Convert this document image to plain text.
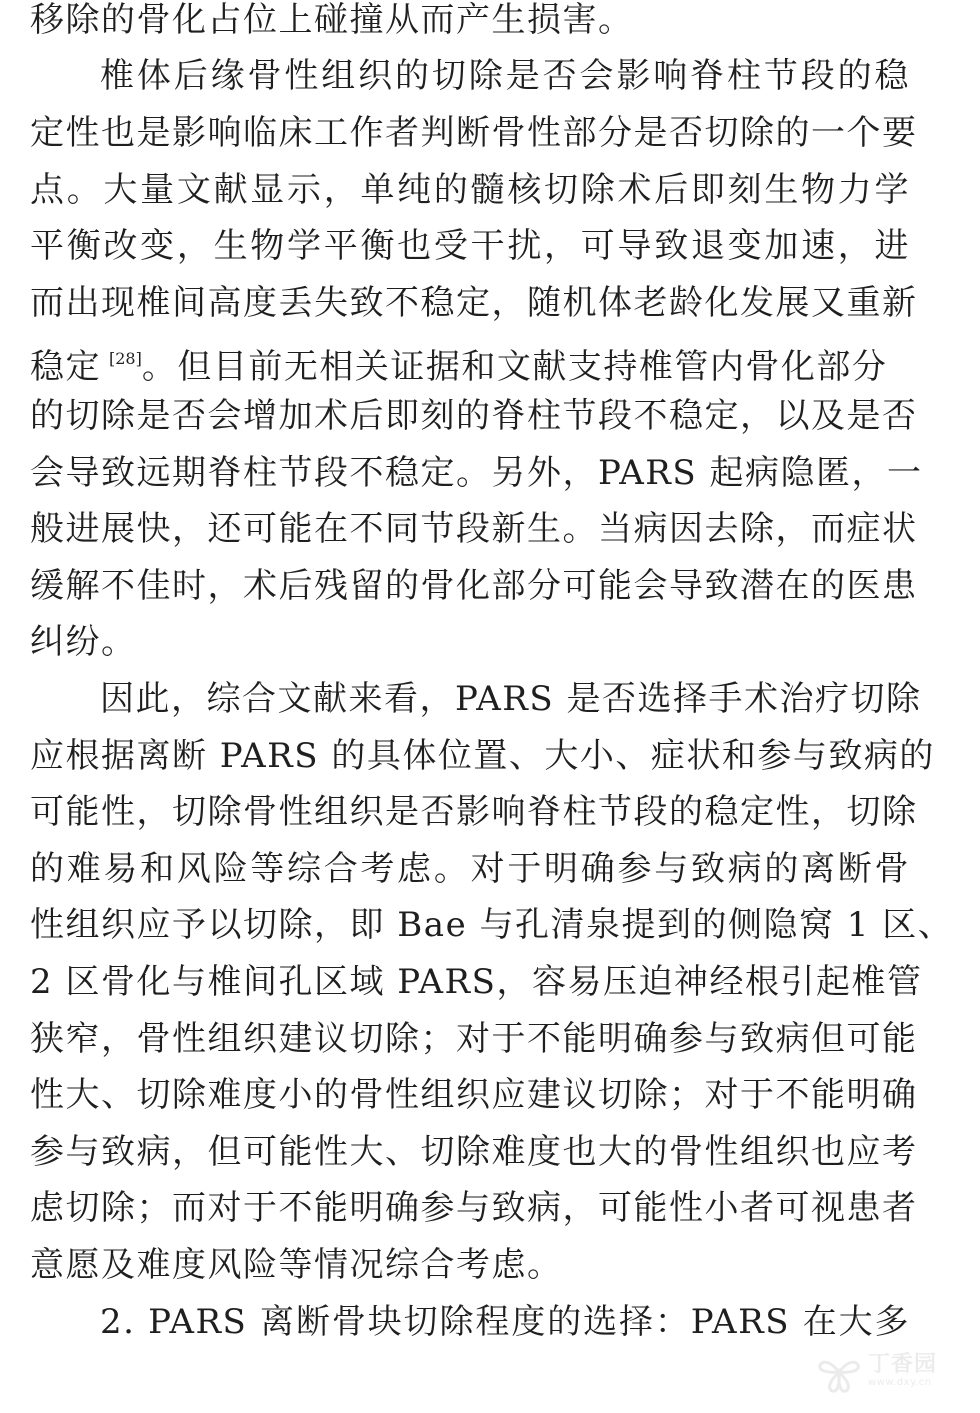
移除的骨化占位上碰撞从而产生损害。
椎体后缘骨性组织的切除是否会影响脊柱节段的稳
定性也是影响临床工作者判断骨性部分是否切除的一个要
点。大量文献显示，单纯的髓核切除术后即刻生物力学
平衡改变，生物学平衡也受干扰，可导致退变加速，进
而出现椎间高度丢失致不稳定，随机体老龄化发展又重新
稳定 [28]。但目前无相关证据和文献支持椎管内骨化部分
的切除是否会增加术后即刻的脊柱节段不稳定，以及是否
会导致远期脊柱节段不稳定。另外，PARS 起病隐匿，一
般进展快，还可能在不同节段新生。当病因去除，而症状
缓解不佳时，术后残留的骨化部分可能会导致潜在的医患
纠纷。
因此，综合文献来看，PARS 是否选择手术治疗切除
应根据离断 PARS 的具体位置、大小、症状和参与致病的
可能性，切除骨性组织是否影响脊柱节段的稳定性，切除
的难易和风险等综合考虑。对于明确参与致病的离断骨
性组织应予以切除，即 Bae 与孔清泉提到的侧隐窝 1 区、
2 区骨化与椎间孔区域 PARS，容易压迫神经根引起椎管
狭窄，骨性组织建议切除；对于不能明确参与致病但可能
性大、切除难度小的骨性组织应建议切除；对于不能明确
参与致病，但可能性大、切除难度也大的骨性组织也应考
虑切除；而对于不能明确参与致病，可能性小者可视患者
意愿及难度风险等情况综合考虑。
2. PARS 离断骨块切除程度的选择：PARS 在大多
丁香园
www.dxy.cn
